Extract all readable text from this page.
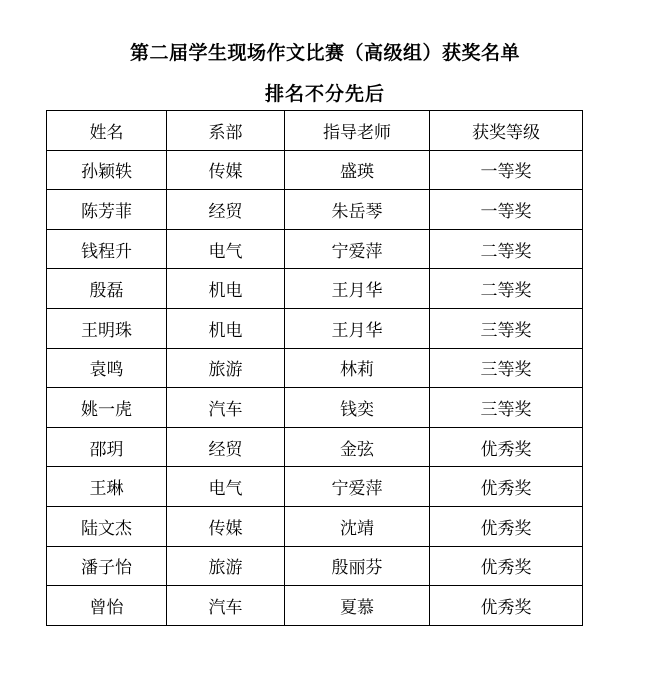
第二届学生现场作文比赛（高级组）获奖名单
排名不分先后
姓名	系部	指导老师	获奖等级
孙颖轶	传媒	盛瑛	一等奖
陈芳菲	经贸	朱岳琴	一等奖
钱程升	电气	宁爱萍	二等奖
殷磊	机电	王月华	二等奖
王明珠	机电	王月华	三等奖
袁鸣	旅游	林莉	三等奖
姚一虎	汽车	钱奕	三等奖
邵玥	经贸	金弦	优秀奖
王琳	电气	宁爱萍	优秀奖
陆文杰	传媒	沈靖	优秀奖
潘子怡	旅游	殷丽芬	优秀奖
曾怡	汽车	夏慕	优秀奖
